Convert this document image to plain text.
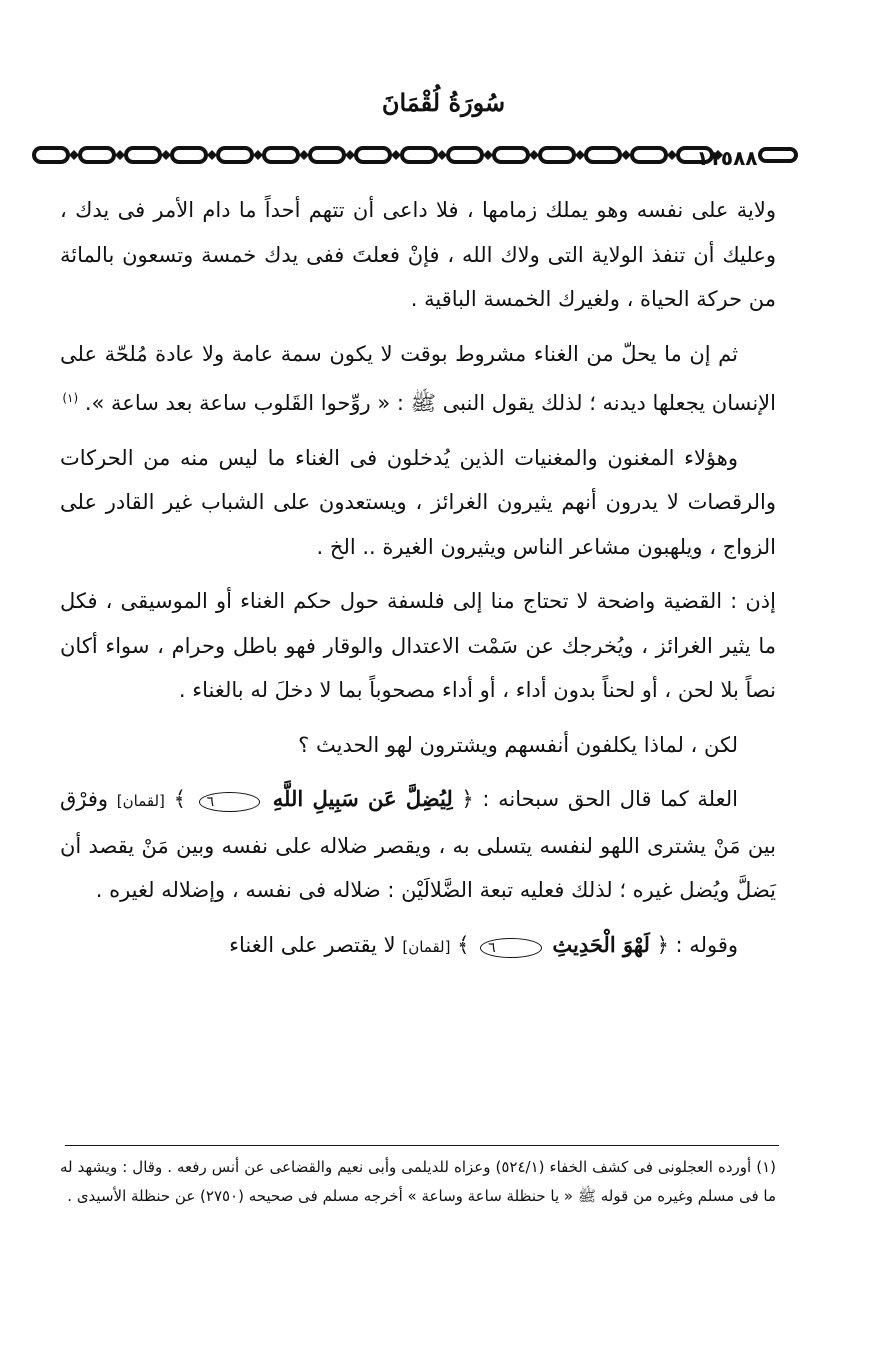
سُورَةُ لُقْمَانَ
١١٥٨٨

ولاية على نفسه وهو يملك زمامها ، فلا داعى أن تتهم أحداً ما دام الأمر فى يدك ، وعليك أن تنفذ الولاية التى ولاك الله ، فإنْ فعلتَ ففى يدك خمسة وتسعون بالمائة من حركة الحياة ، ولغيرك الخمسة الباقية .

ثم إن ما يحلّ من الغناء مشروط بوقت لا يكون سمة عامة ولا عادة مُلحّة على الإنسان يجعلها ديدنه ؛ لذلك يقول النبى ﷺ : « روِّحوا القَلوب ساعة بعد ساعة ». $^{(١)}$

وهؤلاء المغنون والمغنيات الذين يُدخلون فى الغناء ما ليس منه من الحركات والرقصات لا يدرون أنهم يثيرون الغرائز ، ويستعدون على الشباب غير القادر على الزواج ، ويلهبون مشاعر الناس ويثيرون الغيرة .. الخ .

إذن : القضية واضحة لا تحتاج منا إلى فلسفة حول حكم الغناء أو الموسيقى ، فكل ما يثير الغرائز ، ويُخرجك عن سَمْت الاعتدال والوقار فهو باطل وحرام ، سواء أكان نصاً بلا لحن ، أو لحناً بدون أداء ، أو أداء مصحوباً بما لا دخلَ له بالغناء .

لكن ، لماذا يكلفون أنفسهم ويشترون لهو الحديث ؟

العلة كما قال الحق سبحانه : ﴿ لِيُضِلَّ عَن سَبِيلِ اللَّهِ ٦ ﴾ [لقمان] وفرْق بين مَنْ يشترى اللهو لنفسه يتسلى به ، ويقصر ضلاله على نفسه وبين مَنْ يقصد أن يَضلَّ ويُضل غيره ؛ لذلك فعليه تبعة الضَّلالَيْن : ضلاله فى نفسه ، وإضلاله لغيره .

وقوله : ﴿ لَهْوَ الْحَدِيثِ ٦ ﴾ [لقمان] لا يقتصر على الغناء

(١) أورده العجلونى فى كشف الخفاء (٥٢٤/١) وعزاه للديلمى وأبى نعيم والقضاعى عن أنس رفعه . وقال : ويشهد له ما فى مسلم وغيره من قوله ﷺ « يا حنظلة ساعة وساعة » أخرجه مسلم فى صحيحه (٢٧٥٠) عن حنظلة الأسيدى .
